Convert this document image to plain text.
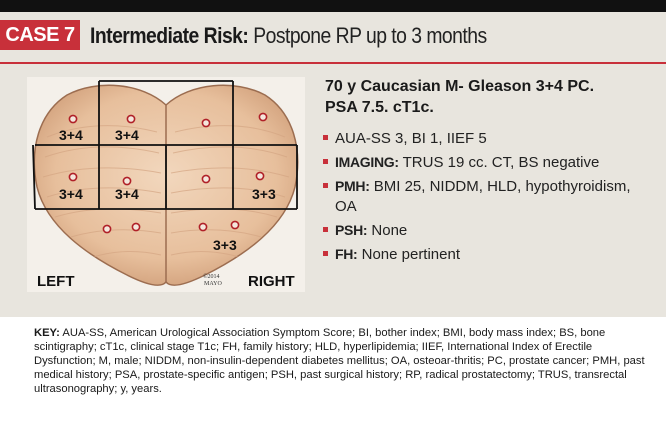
CASE 7 Intermediate Risk: Postpone RP up to 3 months
3+4 3+4
3+4 3+4	3+3
3+3
LEFT	RIGHT
©2014
MAYO
70 y Caucasian M- Gleason 3+4 PC.
PSA 7.5. cT1c.
AUA-SS 3, BI 1, IIEF 5
IMAGING: TRUS 19 cc. CT, BS negative
PMH: BMI 25, NIDDM, HLD, hypothyroidism, OA
PSH: None
FH: None pertinent
KEY: AUA-SS, American Urological Association Symptom Score; BI, bother index; BMI, body mass index; BS, bone scintigraphy; cT1c, clinical stage T1c; FH, family history; HLD, hyperlipidemia; IIEF, International Index of Erectile Dysfunction; M, male; NIDDM, non-insulin-dependent diabetes mellitus; OA, osteoar-thritis; PC, prostate cancer; PMH, past medical history; PSA, prostate-specific antigen; PSH, past surgical history; RP, radical prostatectomy; TRUS, transrectal ultrasonography; y, years.
